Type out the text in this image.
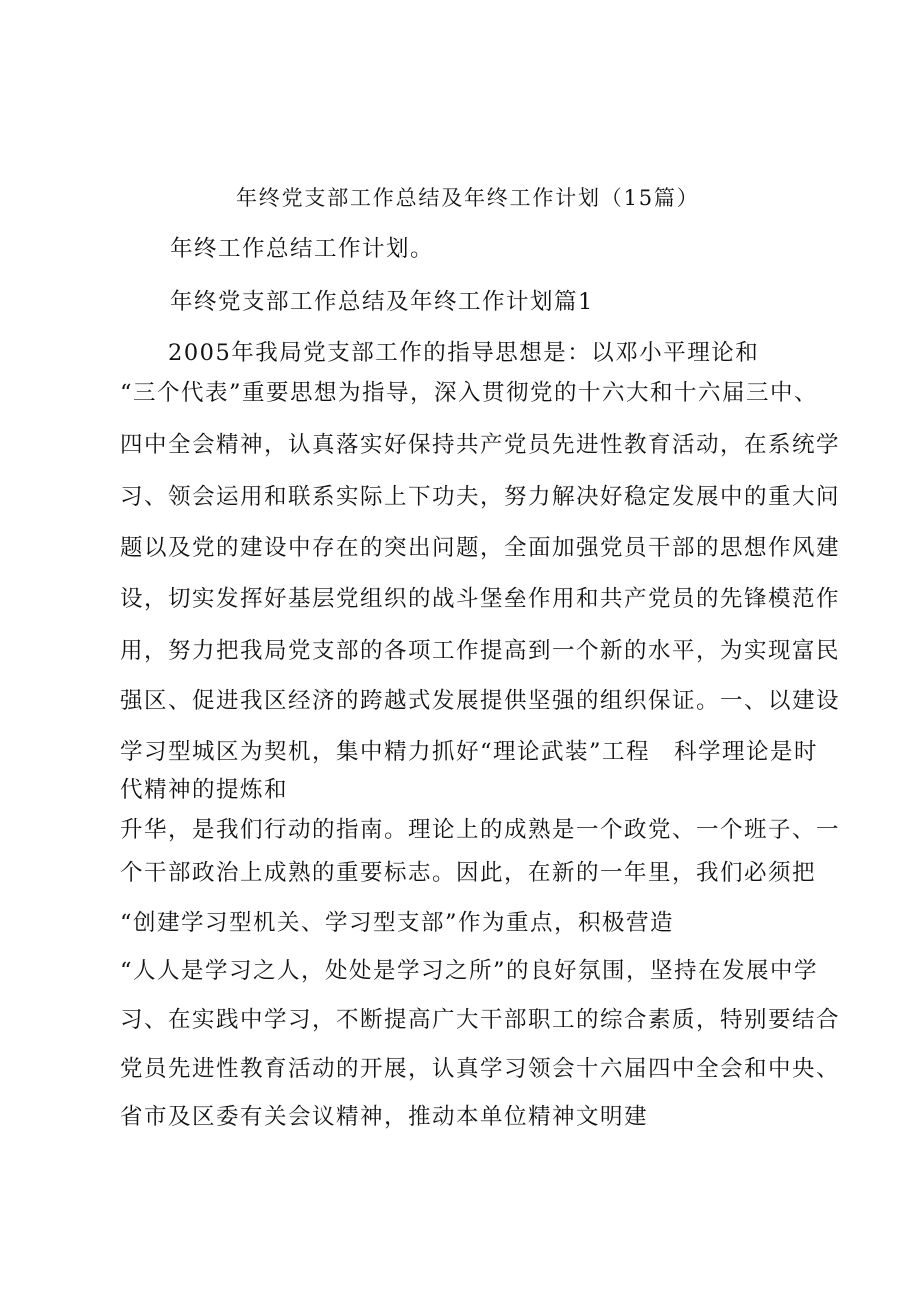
年终党支部工作总结及年终工作计划（15篇）
年终工作总结工作计划。
年终党支部工作总结及年终工作计划篇1
2005年我局党支部工作的指导思想是：以邓小平理论和
“三个代表”重要思想为指导，深入贯彻党的十六大和十六届三中、
四中全会精神，认真落实好保持共产党员先进性教育活动，在系统学
习、领会运用和联系实际上下功夫，努力解决好稳定发展中的重大问
题以及党的建设中存在的突出问题，全面加强党员干部的思想作风建
设，切实发挥好基层党组织的战斗堡垒作用和共产党员的先锋模范作
用，努力把我局党支部的各项工作提高到一个新的水平，为实现富民
强区、促进我区经济的跨越式发展提供坚强的组织保证。一、以建设
学习型城区为契机，集中精力抓好“理论武装”工程　科学理论是时
代精神的提炼和
升华，是我们行动的指南。理论上的成熟是一个政党、一个班子、一
个干部政治上成熟的重要标志。因此，在新的一年里，我们必须把
“创建学习型机关、学习型支部”作为重点，积极营造
“人人是学习之人，处处是学习之所”的良好氛围，坚持在发展中学
习、在实践中学习，不断提高广大干部职工的综合素质，特别要结合
党员先进性教育活动的开展，认真学习领会十六届四中全会和中央、
省市及区委有关会议精神，推动本单位精神文明建
